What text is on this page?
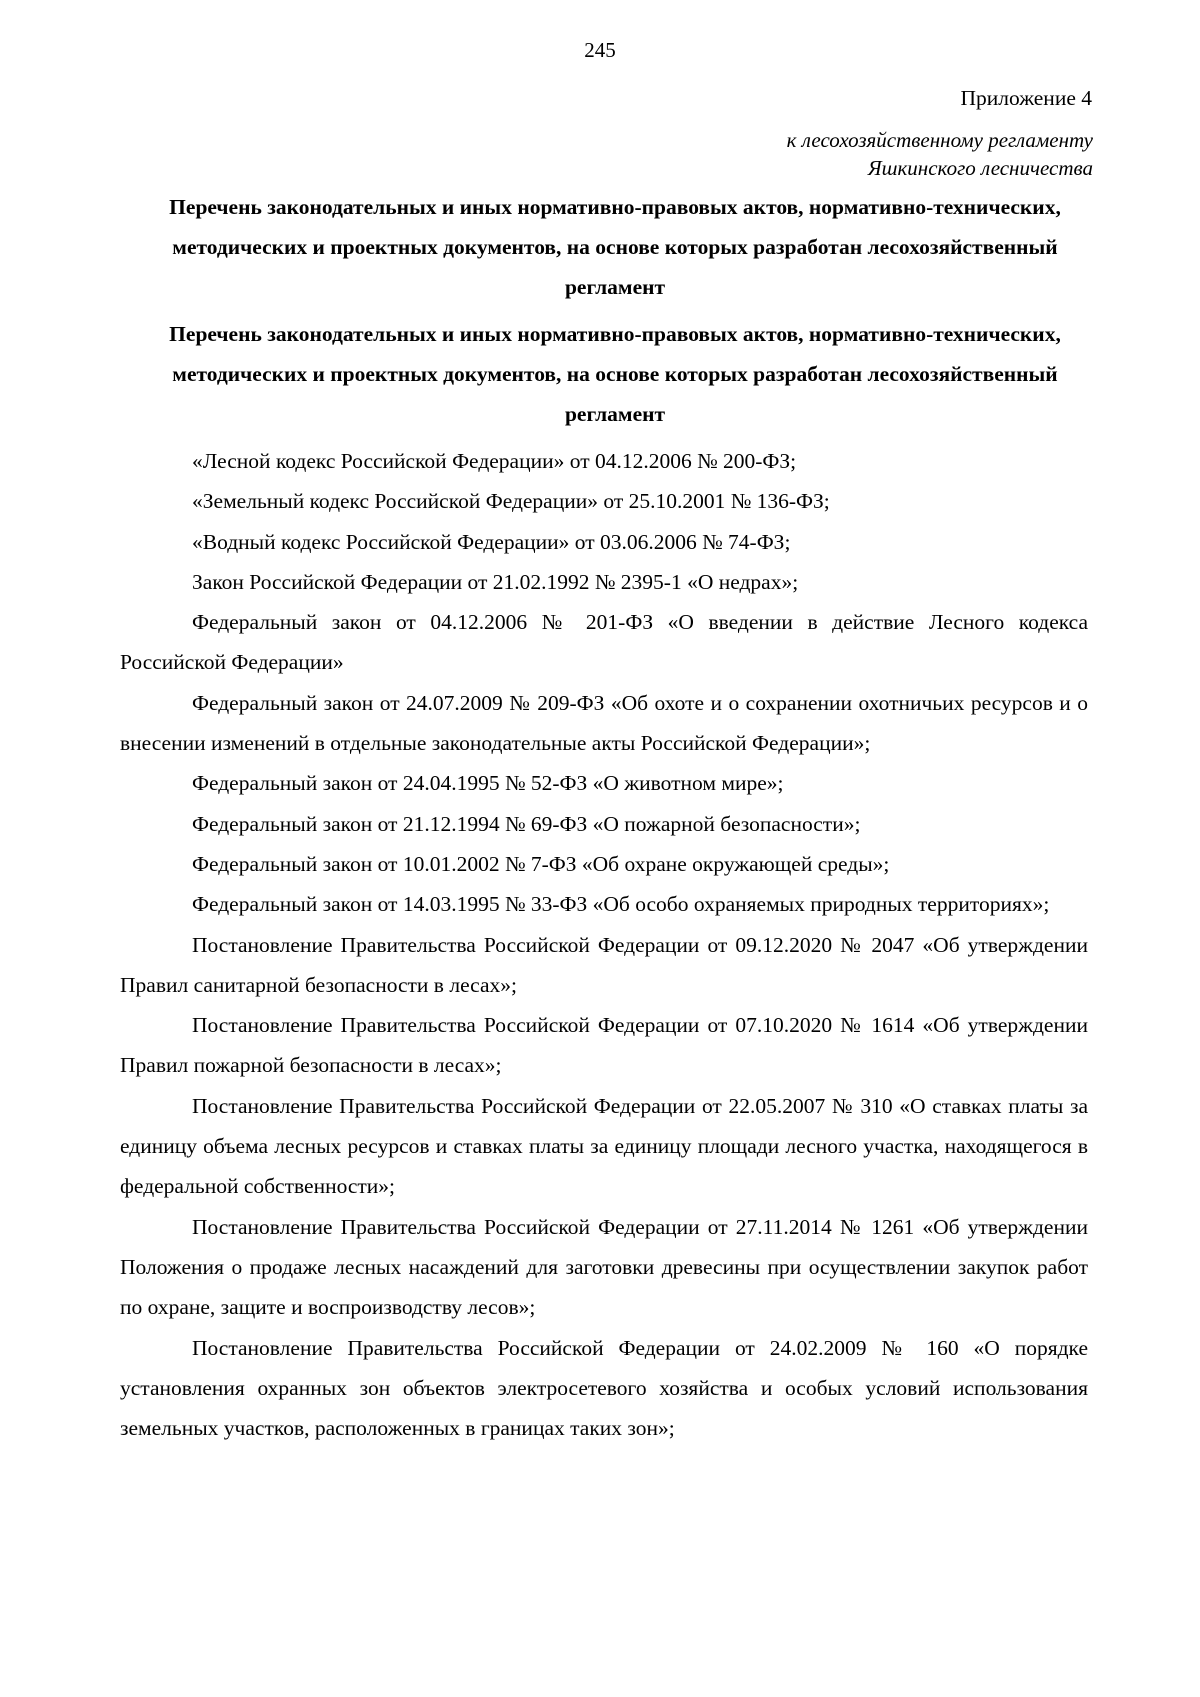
245
Приложение 4
к лесохозяйственному регламенту
Яшкинского лесничества
Перечень законодательных и иных нормативно-правовых актов, нормативно-технических, методических и проектных документов, на основе которых разработан лесохозяйственный регламент
Перечень законодательных и иных нормативно-правовых актов, нормативно-технических, методических и проектных документов, на основе которых разработан лесохозяйственный регламент

«Лесной кодекс Российской Федерации» от 04.12.2006 № 200-ФЗ;

«Земельный кодекс Российской Федерации» от 25.10.2001 № 136-ФЗ;

«Водный кодекс Российской Федерации» от 03.06.2006 № 74-ФЗ;

Закон Российской Федерации от 21.02.1992 № 2395-1 «О недрах»;

Федеральный закон от 04.12.2006 № 201-ФЗ «О введении в действие Лесного кодекса Российской Федерации»

Федеральный закон от 24.07.2009 № 209-ФЗ «Об охоте и о сохранении охотничьих ресурсов и о внесении изменений в отдельные законодательные акты Российской Федерации»;

Федеральный закон от 24.04.1995 № 52-ФЗ «О животном мире»;

Федеральный закон от 21.12.1994 № 69-ФЗ «О пожарной безопасности»;

Федеральный закон от 10.01.2002 № 7-ФЗ «Об охране окружающей среды»;

Федеральный закон от 14.03.1995 № 33-ФЗ «Об особо охраняемых природных территориях»;

Постановление Правительства Российской Федерации от 09.12.2020 № 2047 «Об утверждении Правил санитарной безопасности в лесах»;

Постановление Правительства Российской Федерации от 07.10.2020 № 1614 «Об утверждении Правил пожарной безопасности в лесах»;

Постановление Правительства Российской Федерации от 22.05.2007 № 310 «О ставках платы за единицу объема лесных ресурсов и ставках платы за единицу площади лесного участка, находящегося в федеральной собственности»;

Постановление Правительства Российской Федерации от 27.11.2014 № 1261 «Об утверждении Положения о продаже лесных насаждений для заготовки древесины при осуществлении закупок работ по охране, защите и воспроизводству лесов»;

Постановление Правительства Российской Федерации от 24.02.2009 № 160 «О порядке установления охранных зон объектов электросетевого хозяйства и особых условий использования земельных участков, расположенных в границах таких зон»;
